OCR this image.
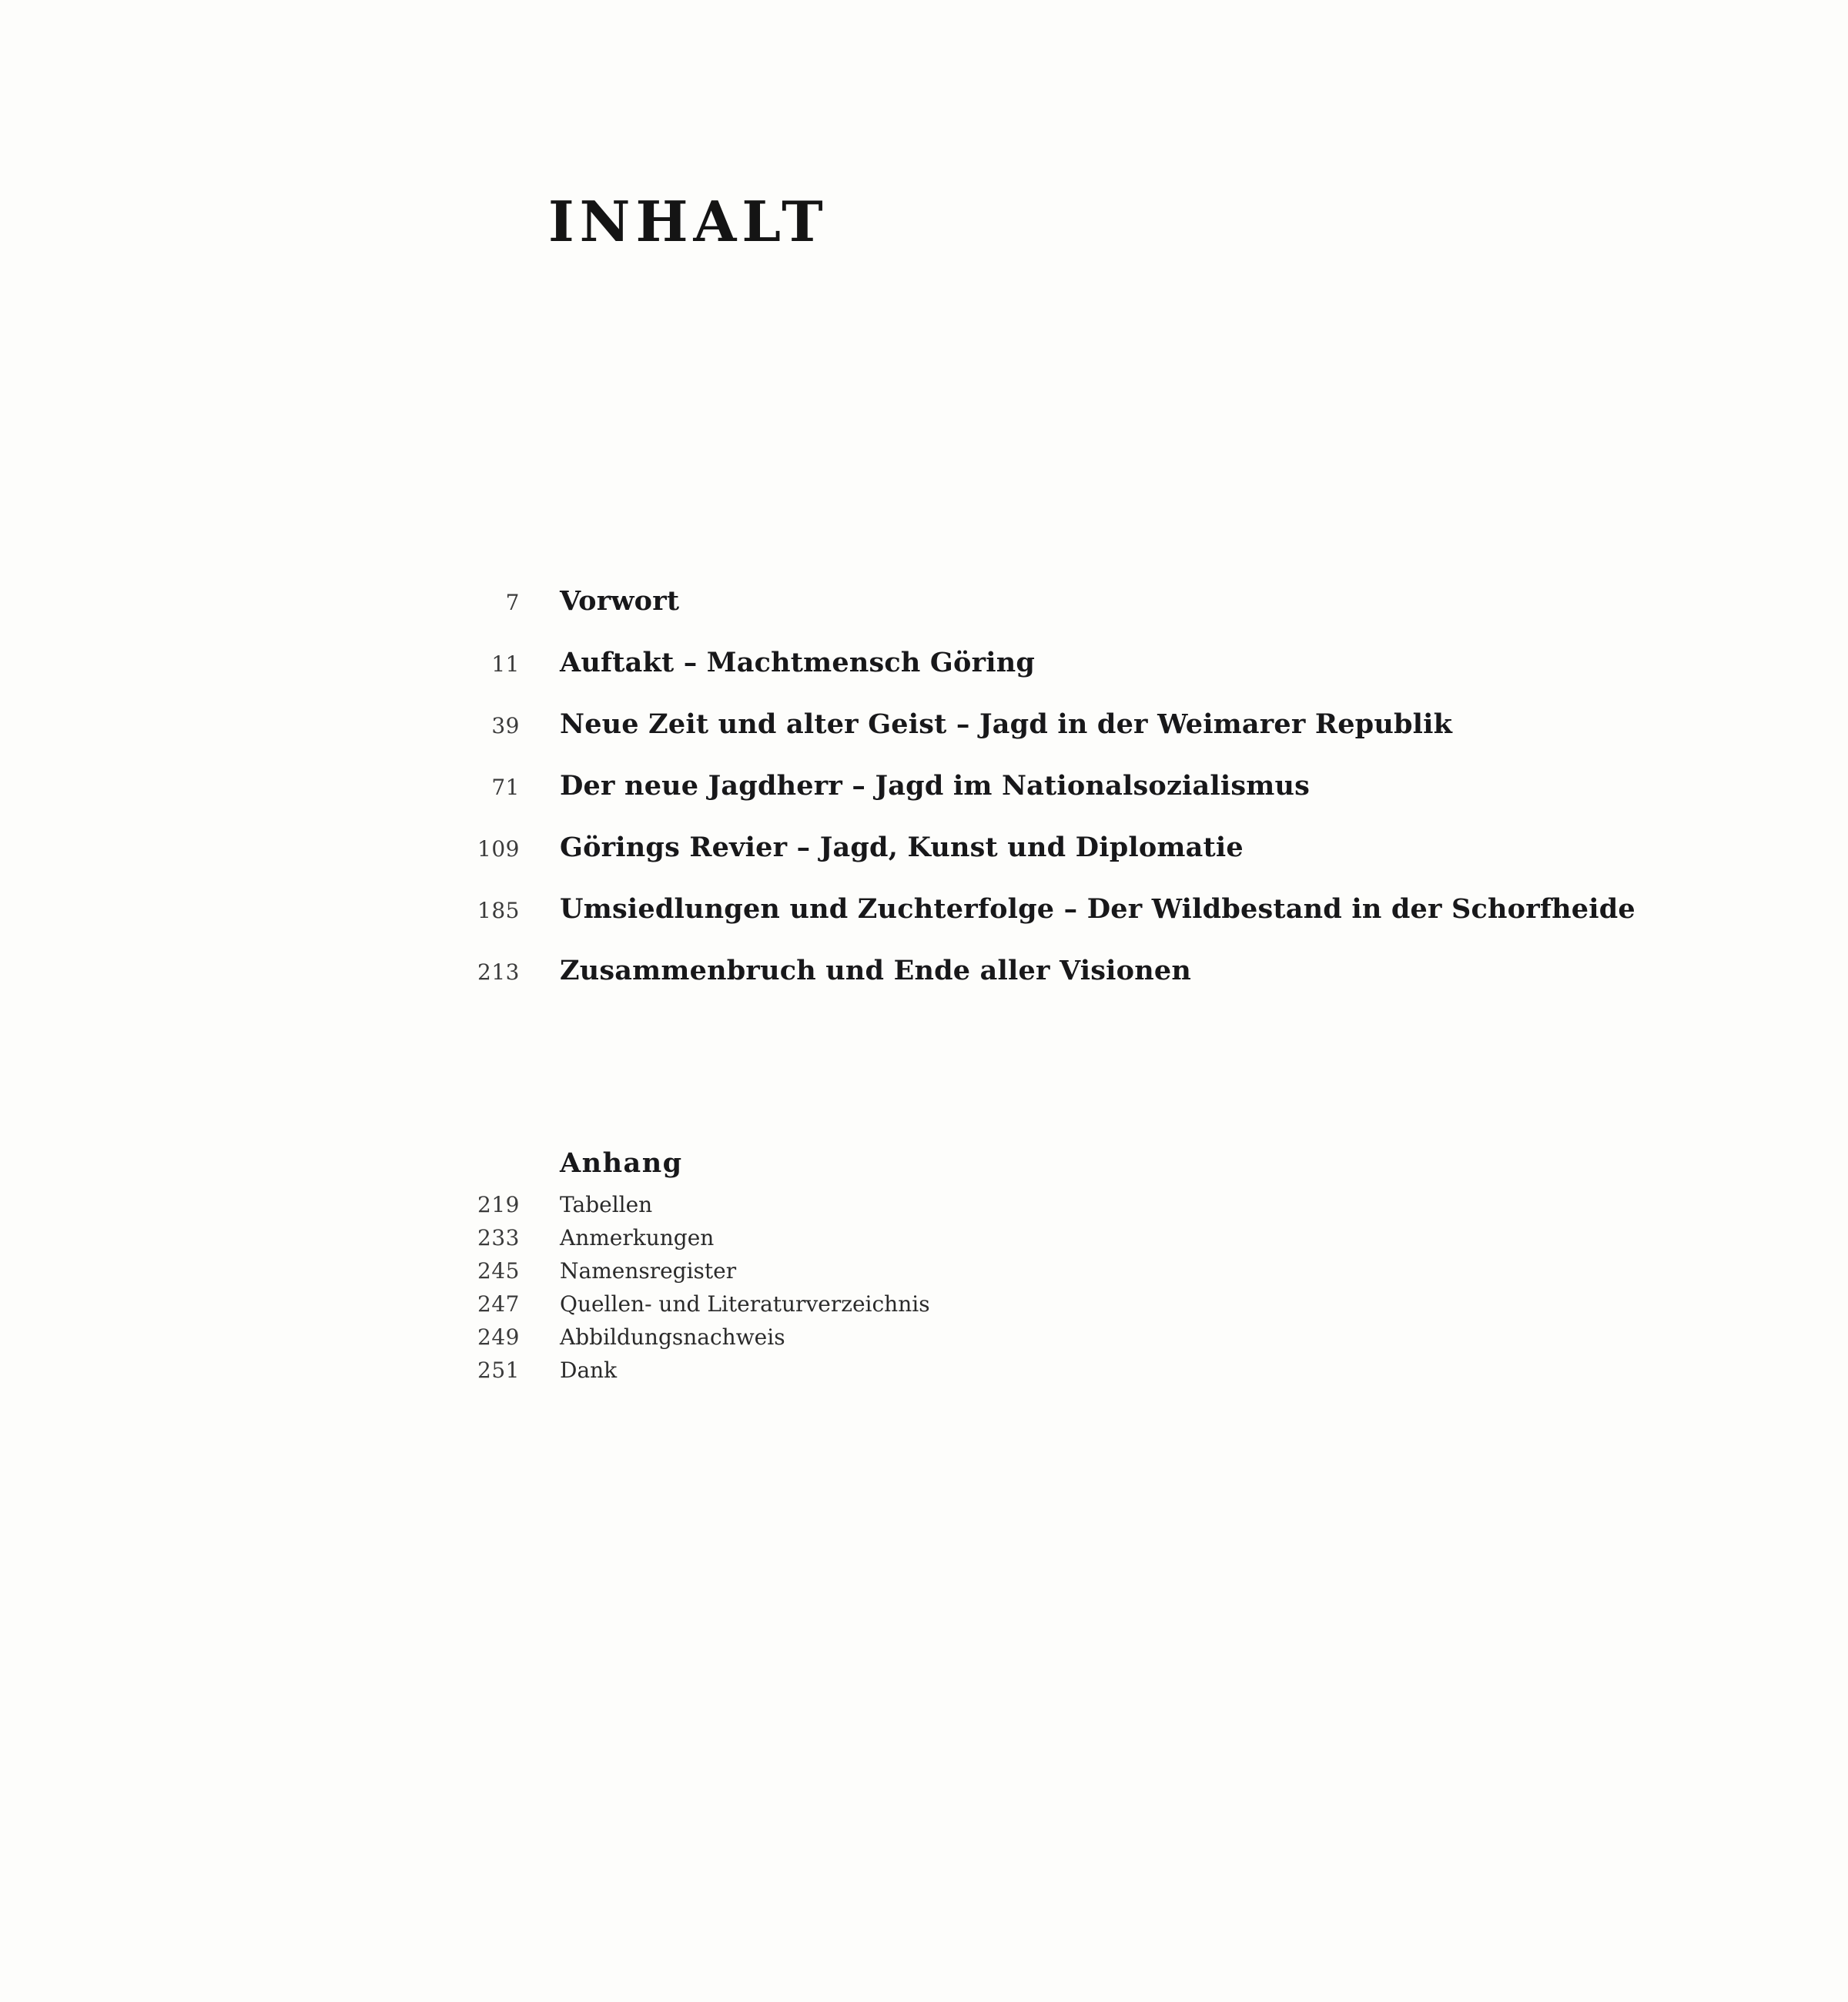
INHALT
7	Vorwort
11	Auftakt – Machtmensch Göring
39	Neue Zeit und alter Geist – Jagd in der Weimarer Republik
71	Der neue Jagdherr – Jagd im Nationalsozialismus
109	Görings Revier – Jagd, Kunst und Diplomatie
185	Umsiedlungen und Zuchterfolge – Der Wildbestand in der Schorfheide
213	Zusammenbruch und Ende aller Visionen
Anhang
219	Tabellen
233	Anmerkungen
245	Namensregister
247	Quellen- und Literaturverzeichnis
249	Abbildungsnachweis
251	Dank
